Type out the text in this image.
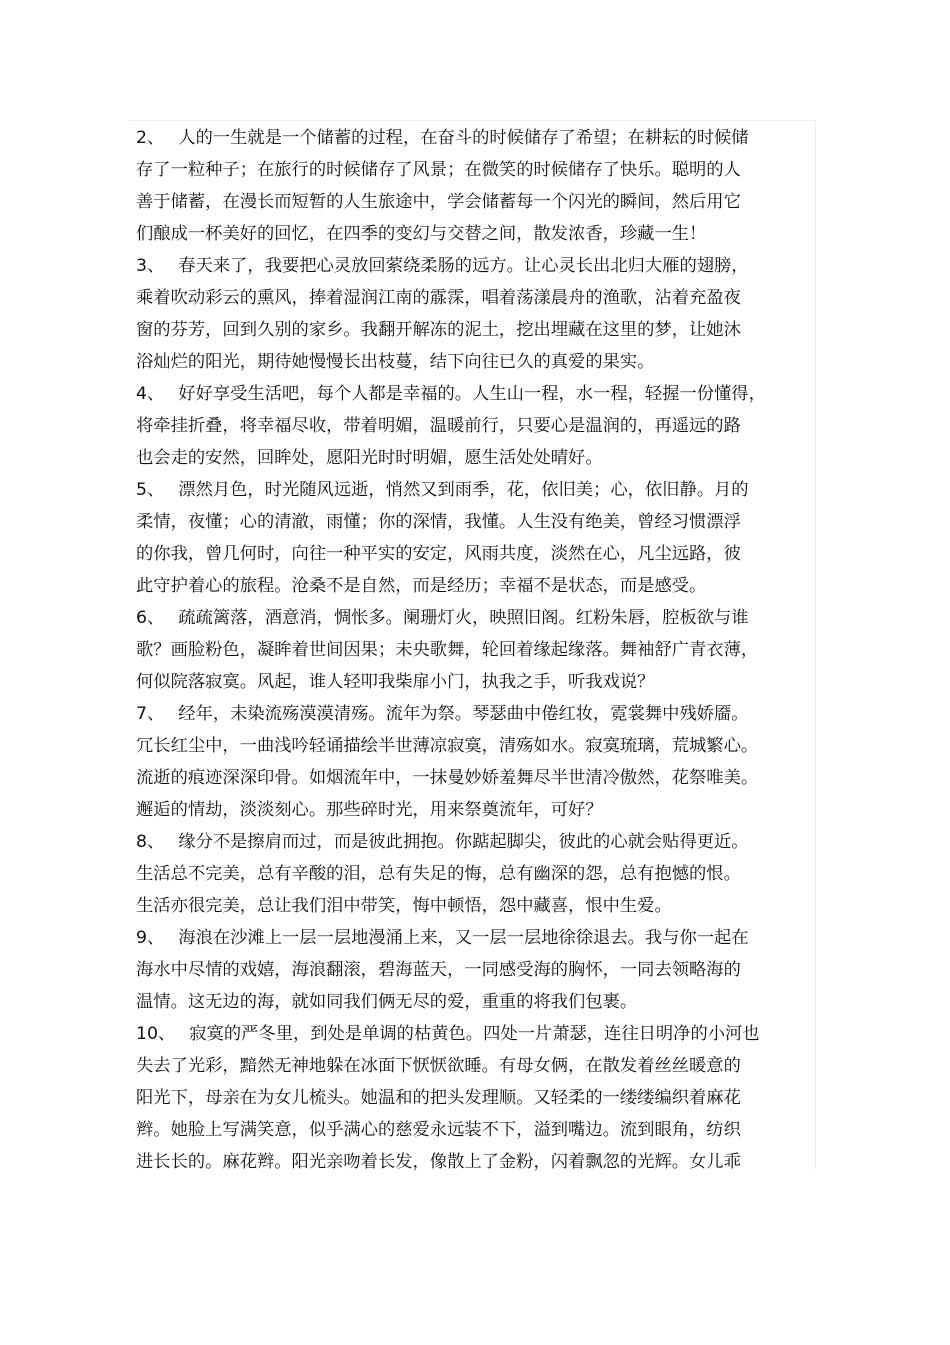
2、 人的一生就是一个储蓄的过程，在奋斗的时候储存了希望；在耕耘的时候储
存了一粒种子；在旅行的时候储存了风景；在微笑的时候储存了快乐。聪明的人
善于储蓄，在漫长而短暂的人生旅途中，学会储蓄每一个闪光的瞬间，然后用它
们酿成一杯美好的回忆，在四季的变幻与交替之间，散发浓香，珍藏一生！
3、 春天来了，我要把心灵放回萦绕柔肠的远方。让心灵长出北归大雁的翅膀，
乘着吹动彩云的熏风，捧着湿润江南的霡霂，唱着荡漾晨舟的渔歌，沾着充盈夜
窗的芬芳，回到久别的家乡。我翻开解冻的泥土，挖出埋藏在这里的梦，让她沐
浴灿烂的阳光，期待她慢慢长出枝蔓，结下向往已久的真爱的果实。
4、 好好享受生活吧，每个人都是幸福的。人生山一程，水一程，轻握一份懂得，
将牵挂折叠，将幸福尽收，带着明媚，温暖前行，只要心是温润的，再遥远的路
也会走的安然，回眸处，愿阳光时时明媚，愿生活处处晴好。
5、 漂然月色，时光随风远逝，悄然又到雨季，花，依旧美；心，依旧静。月的
柔情，夜懂；心的清澈，雨懂；你的深情，我懂。人生没有绝美，曾经习惯漂浮
的你我，曾几何时，向往一种平实的安定，风雨共度，淡然在心，凡尘远路，彼
此守护着心的旅程。沧桑不是自然，而是经历；幸福不是状态，而是感受。
6、 疏疏篱落，酒意消，惆怅多。阑珊灯火，映照旧阁。红粉朱唇，腔板欲与谁
歌？画脸粉色，凝眸着世间因果；未央歌舞，轮回着缘起缘落。舞袖舒广青衣薄，
何似院落寂寞。风起，谁人轻叩我柴扉小门，执我之手，听我戏说？
7、 经年，未染流殇漠漠清殇。流年为祭。琴瑟曲中倦红妆，霓裳舞中残娇靥。
冗长红尘中，一曲浅吟轻诵描绘半世薄凉寂寞，清殇如水。寂寞琉璃，荒城繁心。
流逝的痕迹深深印骨。如烟流年中，一抹曼妙娇羞舞尽半世清冷傲然，花祭唯美。
邂逅的情劫，淡淡刻心。那些碎时光，用来祭奠流年，可好？
8、 缘分不是擦肩而过，而是彼此拥抱。你踮起脚尖，彼此的心就会贴得更近。
生活总不完美，总有辛酸的泪，总有失足的悔，总有幽深的怨，总有抱憾的恨。
生活亦很完美，总让我们泪中带笑，悔中顿悟，怨中藏喜，恨中生爱。
9、 海浪在沙滩上一层一层地漫涌上来，又一层一层地徐徐退去。我与你一起在
海水中尽情的戏嬉，海浪翻滚，碧海蓝天，一同感受海的胸怀，一同去领略海的
温情。这无边的海，就如同我们俩无尽的爱，重重的将我们包裹。
10、 寂寞的严冬里，到处是单调的枯黄色。四处一片萧瑟，连往日明净的小河也
失去了光彩，黯然无神地躲在冰面下恹恹欲睡。有母女俩，在散发着丝丝暖意的
阳光下，母亲在为女儿梳头。她温和的把头发理顺。又轻柔的一缕缕编织着麻花
辫。她脸上写满笑意，似乎满心的慈爱永远装不下，溢到嘴边。流到眼角，纺织
进长长的。麻花辫。阳光亲吻着长发，像散上了金粉，闪着飘忽的光辉。女儿乖
